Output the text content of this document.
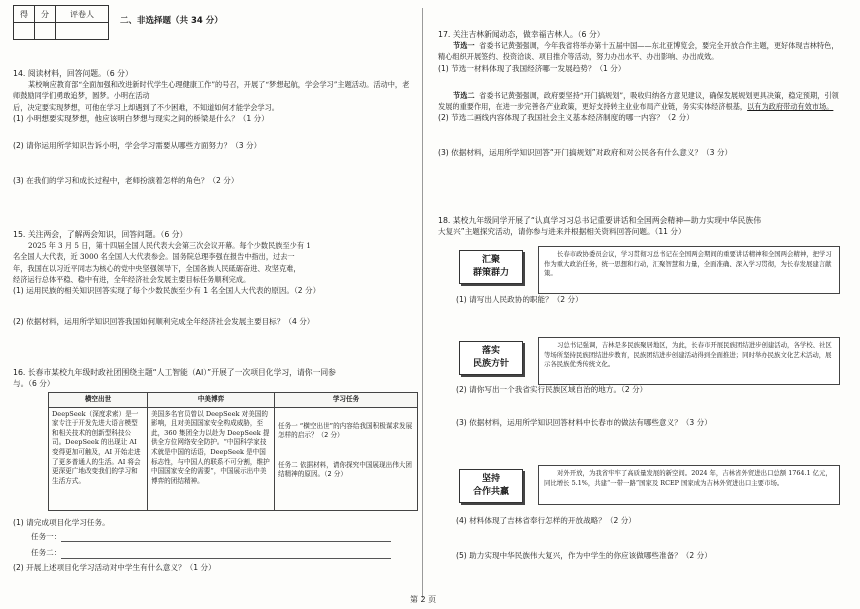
得	分	评卷人

二、非选择题（共 34 分）

14. 阅读材料，回答问题。（6 分）

某校响应教育部“全面加强和改进新时代学生心理健康工作”的号召，开展了“梦想起航，学会学习”主题活动。活动中，老师鼓励同学们勇敢追梦，圆梦。小明在活动

后，决定要实现梦想，可他在学习上却遇到了不少困难，不知道如何才能学会学习。

(1) 小明想要实现梦想，他应该明白梦想与现实之间的桥梁是什么？（1 分）

(2) 请你运用所学知识告诉小明，学会学习需要从哪些方面努力？（3 分）

(3) 在我们的学习和成长过程中，老师扮演着怎样的角色？（2 分）

15. 关注两会，了解两会知识，回答问题。（6 分）

2025 年 3 月 5 日，第十四届全国人民代表大会第三次会议开幕。每个少数民族至少有 1

名全国人大代表，近 3000 名全国人大代表参会。国务院总理李强在报告中指出，过去一

年，我国在以习近平同志为核心的党中央坚强领导下，全国各族人民砥砺奋进、攻坚克难，

经济运行总体平稳、稳中有进，全年经济社会发展主要目标任务顺利完成。

(1) 运用民族的相关知识回答实现了每个少数民族至少有 1 名全国人大代表的原因。（2 分）

(2) 依据材料，运用所学知识回答我国如何顺利完成全年经济社会发展主要目标？（4 分）

16. 长春市某校九年级时政社团围绕主题“人工智能（AI）”开展了一次项目化学习，请你一同参

与。（6 分）

横空出世	中美博弈	学习任务
DeepSeek（深度求索）是一家专注于开发先进大语言模型和相关技术的创新型科技公司。DeepSeek 的出现让 AI 变得更加可触及，AI 开始走进了更多普通人的生活。AI 将会更深更广地改变我们的学习和生活方式。	美国多名官员曾以 DeepSeek 对美国的影响，且对美国国家安全构成威胁，至此，360 集团全力以赴为 DeepSeek 提供全方位网络安全防护。“中国科学家技术就是中国的话语，DeepSeek 是中国标志性，与中国人的联系不可分割，维护中国国家安全的需要”，中国展示出中美博弈的团结精神。	任务一 “横空出世”的内容给我国积极谋求发展怎样的启示？（2 分）
任务二 依据材料，请你探究中国展现出伟大团结精神的原因。（2 分）

(1) 请完成项目化学习任务。

任务一：

任务二：

(2) 开展上述项目化学习活动对中学生有什么意义？（1 分）

17. 关注吉林新闻动态，做幸福吉林人。（6 分）

节选一 省委书记黄强强调，今年我省将举办第十五届中国——东北亚博览会，要完全开放合作主题，更好体现吉林特色，精心组织开展签约、投资洽谈、项目推介等活动，努力办出水平、办出影响、办出成效。

(1) 节选一材料体现了我国经济哪一发展趋势？（1 分）

节选二 省委书记黄强强调，政府要坚持“开门搞规划”，吸收归纳各方意见建议，确保发展规划更具决策，稳定预期，引领发展的重要作用，在进一步完善各产业政策，更好支持转主业业布局产业链，务实实体经济根基，以有为政府带动有效市场。

(2) 节选二画线内容体现了我国社会主义基本经济制度的哪一内容？（2 分）

(3) 依据材料，运用所学知识回答“开门搞规划”对政府和对公民各有什么意义？（3 分）

18. 某校九年级同学开展了“认真学习习总书记重要讲话和全国两会精神—助力实现中华民族伟

大复兴”主题探究活动，请你参与进来并根据相关资料回答问题。（11 分）

汇聚
群策群力
长春市政协委员会议，学习贯彻习总书记在全国两会期间的重要讲话精神和全国两会精神，把学习作为重大政治任务，统一思想和行动，汇聚智慧和力量，全面准确、深入学习贯彻，为长春发展建言献策。

(1) 请写出人民政协的职能？（2 分）

落实
民族方针
习总书记强调，吉林是多民族聚居地区，为此，长春市开展民族团结进步创建活动，各学校、社区等场所坚持民族团结进步教育，民族团结进步创建活动得到全面推进；同时举办民族文化艺术活动，展示各民族优秀传统文化。

(2) 请你写出一个我省实行民族区域自治的地方。（2 分）

(3) 依据材料，运用所学知识回答材料中长春市的做法有哪些意义？（3 分）

坚持
合作共赢
对外开放，为我省牢牢了高质量发展的新空间。2024 年，吉林省外贸进出口总额 1764.1 亿元，同比增长 5.1%，共建“一带一路”国家及 RCEP 国家成为吉林外贸进出口主要市场。

(4) 材料体现了吉林省奉行怎样的开放战略？（2 分）

(5) 助力实现中华民族伟大复兴，作为中学生的你应该做哪些准备？（2 分）

第 2 页
